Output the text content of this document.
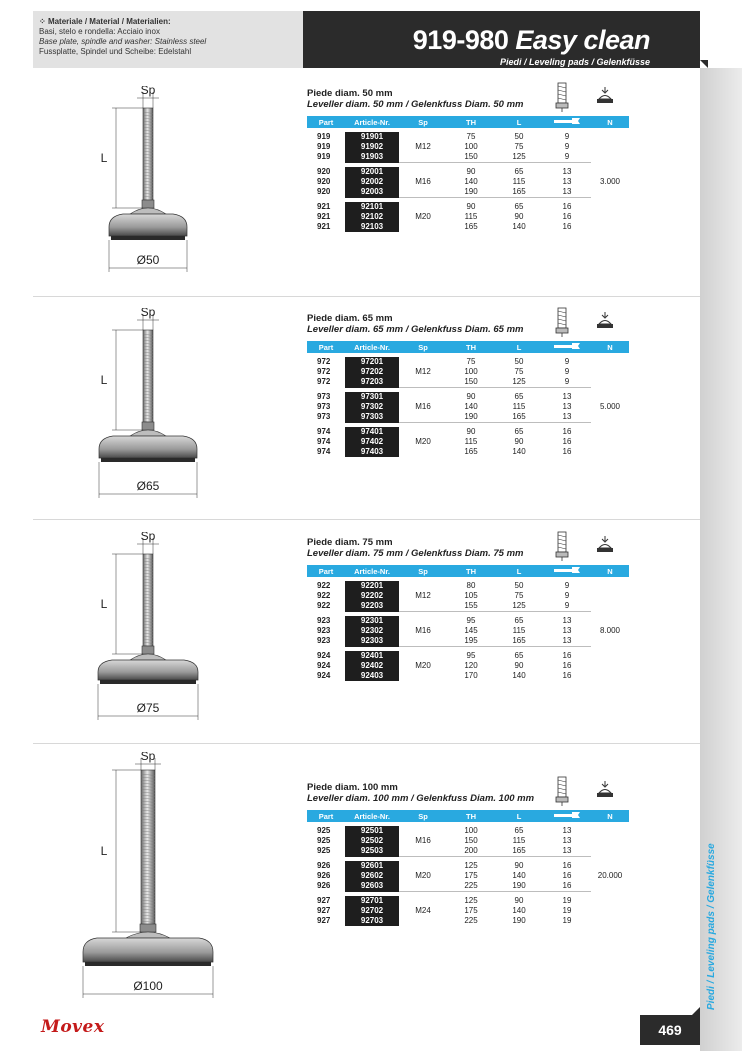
⁘ Materiale / Material / Materialien:
Basi, stelo e rondella: Acciaio inox
Base plate, spindle and washer: Stainless steel
Fussplatte, Spindel und Scheibe: Edelstahl	919-980 Easy clean
Piedi / Leveling pads / Gelenkfüsse
Piedi / Leveling pads / Gelenkfüsse
Sp
L
Ø50
Piede diam. 50 mm
Leveller diam. 50 mm / Gelenkfuss Diam. 50 mm
Part	Article-Nr.	Sp	TH	L		N

919	91901		75	50	9	
919	91902	M12	100	75	9	
919	91903		150	125	9	

920	92001		90	65	13	
920	92002	M16	140	115	13	3.000
920	92003		190	165	13	

921	92101		90	65	16	
921	92102	M20	115	90	16	
921	92103		165	140	16	
Sp
L
Ø65
Piede diam. 65 mm
Leveller diam. 65 mm / Gelenkfuss Diam. 65 mm
Part	Article-Nr.	Sp	TH	L		N

972	97201		75	50	9	
972	97202	M12	100	75	9	
972	97203		150	125	9	

973	97301		90	65	13	
973	97302	M16	140	115	13	5.000
973	97303		190	165	13	

974	97401		90	65	16	
974	97402	M20	115	90	16	
974	97403		165	140	16	
Sp
L
Ø75
Piede diam. 75 mm
Leveller diam. 75 mm / Gelenkfuss Diam. 75 mm
Part	Article-Nr.	Sp	TH	L		N

922	92201		80	50	9	
922	92202	M12	105	75	9	
922	92203		155	125	9	

923	92301		95	65	13	
923	92302	M16	145	115	13	8.000
923	92303		195	165	13	

924	92401		95	65	16	
924	92402	M20	120	90	16	
924	92403		170	140	16	
Sp
L
Ø100
Piede diam. 100 mm
Leveller diam. 100 mm / Gelenkfuss Diam. 100 mm
Part	Article-Nr.	Sp	TH	L		N

925	92501		100	65	13	
925	92502	M16	150	115	13	
925	92503		200	165	13	

926	92601		125	90	16	
926	92602	M20	175	140	16	20.000
926	92603		225	190	16	

927	92701		125	90	19	
927	92702	M24	175	140	19	
927	92703		225	190	19	
Movex	469
